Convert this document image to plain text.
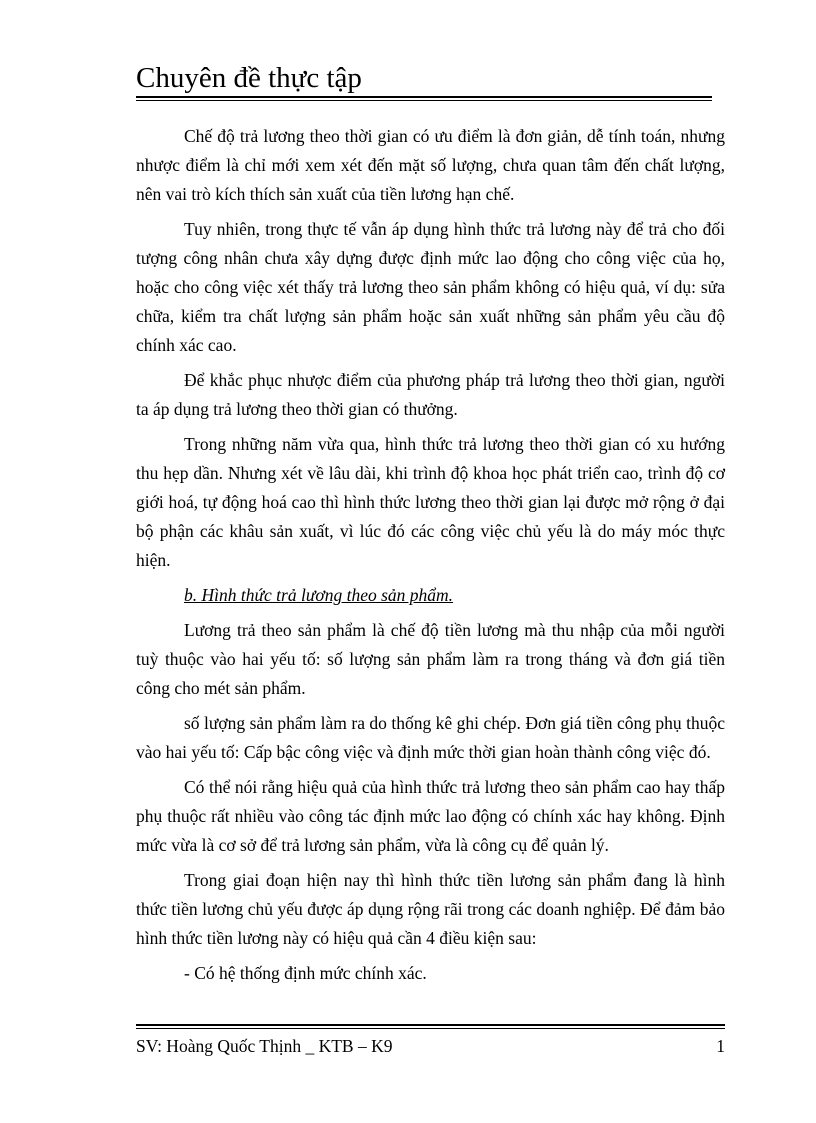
Chuyên đề thực tập

Chế độ trả lương theo thời gian có ưu điểm là đơn giản, dễ tính toán, nhưng nhược điểm là chỉ mới xem xét đến mặt số lượng, chưa quan tâm đến chất lượng, nên vai trò kích thích sản xuất của tiền lương hạn chế.

Tuy nhiên, trong thực tế vẫn áp dụng hình thức trả lương này để trả cho đối tượng công nhân chưa xây dựng được định mức lao động cho công việc của họ, hoặc cho công việc xét thấy trả lương theo sản phẩm không có hiệu quả, ví dụ: sửa chữa, kiểm tra chất lượng sản phẩm hoặc sản xuất những sản phẩm yêu cầu độ chính xác cao.

Để khắc phục nhược điểm của phương pháp trả lương theo thời gian, người ta áp dụng trả lương theo thời gian có thưởng.

Trong những năm vừa qua, hình thức trả lương theo thời gian có xu hướng thu hẹp dần. Nhưng xét về lâu dài, khi trình độ khoa học phát triển cao, trình độ cơ giới hoá, tự động hoá cao thì hình thức lương theo thời gian lại được mở rộng ở đại bộ phận các khâu sản xuất, vì lúc đó các công việc chủ yếu là do máy móc thực hiện.

b. Hình thức trả lương theo sản phẩm.

Lương trả theo sản phẩm là chế độ tiền lương mà thu nhập của mỗi người tuỳ thuộc vào hai yếu tố: số lượng sản phẩm làm ra trong tháng và đơn giá tiền công cho mét sản phẩm.

số lượng sản phẩm làm ra do thống kê ghi chép. Đơn giá tiền công phụ thuộc vào hai yếu tố: Cấp bậc công việc và định mức thời gian hoàn thành công việc đó.

Có thể nói rằng hiệu quả của hình thức trả lương theo sản phẩm cao hay thấp phụ thuộc rất nhiều vào công tác định mức lao động có chính xác hay không. Định mức vừa là cơ sở để trả lương sản phẩm, vừa là công cụ để quản lý.

Trong giai đoạn hiện nay thì hình thức tiền lương sản phẩm đang là hình thức tiền lương chủ yếu được áp dụng rộng rãi trong các doanh nghiệp. Để đảm bảo hình thức tiền lương này có hiệu quả cần 4 điều kiện sau:

- Có hệ thống định mức chính xác.

SV: Hoàng Quốc Thịnh _ KTB – K9	1
